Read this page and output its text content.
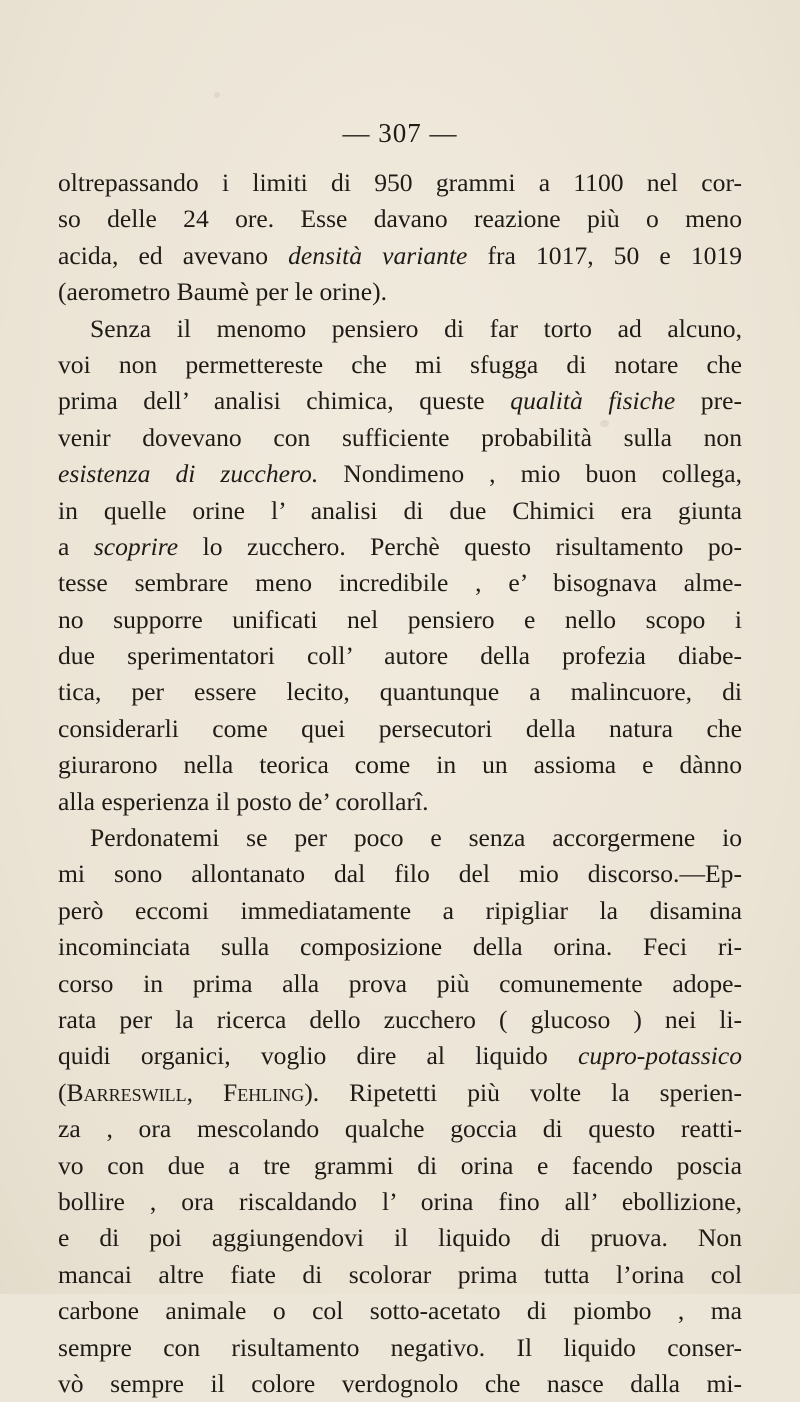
— 307 —
oltrepassando i limiti di 950 grammi a 1100 nel cor-
so delle 24 ore. Esse davano reazione più o meno
acida, ed avevano densità variante fra 1017, 50 e 1019
(aerometro Baumè per le orine).
Senza il menomo pensiero di far torto ad alcuno,
voi non permettereste che mi sfugga di notare che
prima dell’ analisi chimica, queste qualità fisiche pre-
venir dovevano con sufficiente probabilità sulla non
esistenza di zucchero. Nondimeno , mio buon collega,
in quelle orine l’ analisi di due Chimici era giunta
a scoprire lo zucchero. Perchè questo risultamento po-
tesse sembrare meno incredibile , e’ bisognava alme-
no supporre unificati nel pensiero e nello scopo i
due sperimentatori coll’ autore della profezia diabe-
tica, per essere lecito, quantunque a malincuore, di
considerarli come quei persecutori della natura che
giurarono nella teorica come in un assioma e dànno
alla esperienza il posto de’ corollarî.
Perdonatemi se per poco e senza accorgermene io
mi sono allontanato dal filo del mio discorso.—Ep-
però eccomi immediatamente a ripigliar la disamina
incominciata sulla composizione della orina. Feci ri-
corso in prima alla prova più comunemente adope-
rata per la ricerca dello zucchero ( glucoso ) nei li-
quidi organici, voglio dire al liquido cupro-potassico
(Barreswill, Fehling). Ripetetti più volte la sperien-
za , ora mescolando qualche goccia di questo reatti-
vo con due a tre grammi di orina e facendo poscia
bollire , ora riscaldando l’ orina fino all’ ebollizione,
e di poi aggiungendovi il liquido di pruova. Non
mancai altre fiate di scolorar prima tutta l’orina col
carbone animale o col sotto-acetato di piombo , ma
sempre con risultamento negativo. Il liquido conser-
vò sempre il colore verdognolo che nasce dalla mi-
